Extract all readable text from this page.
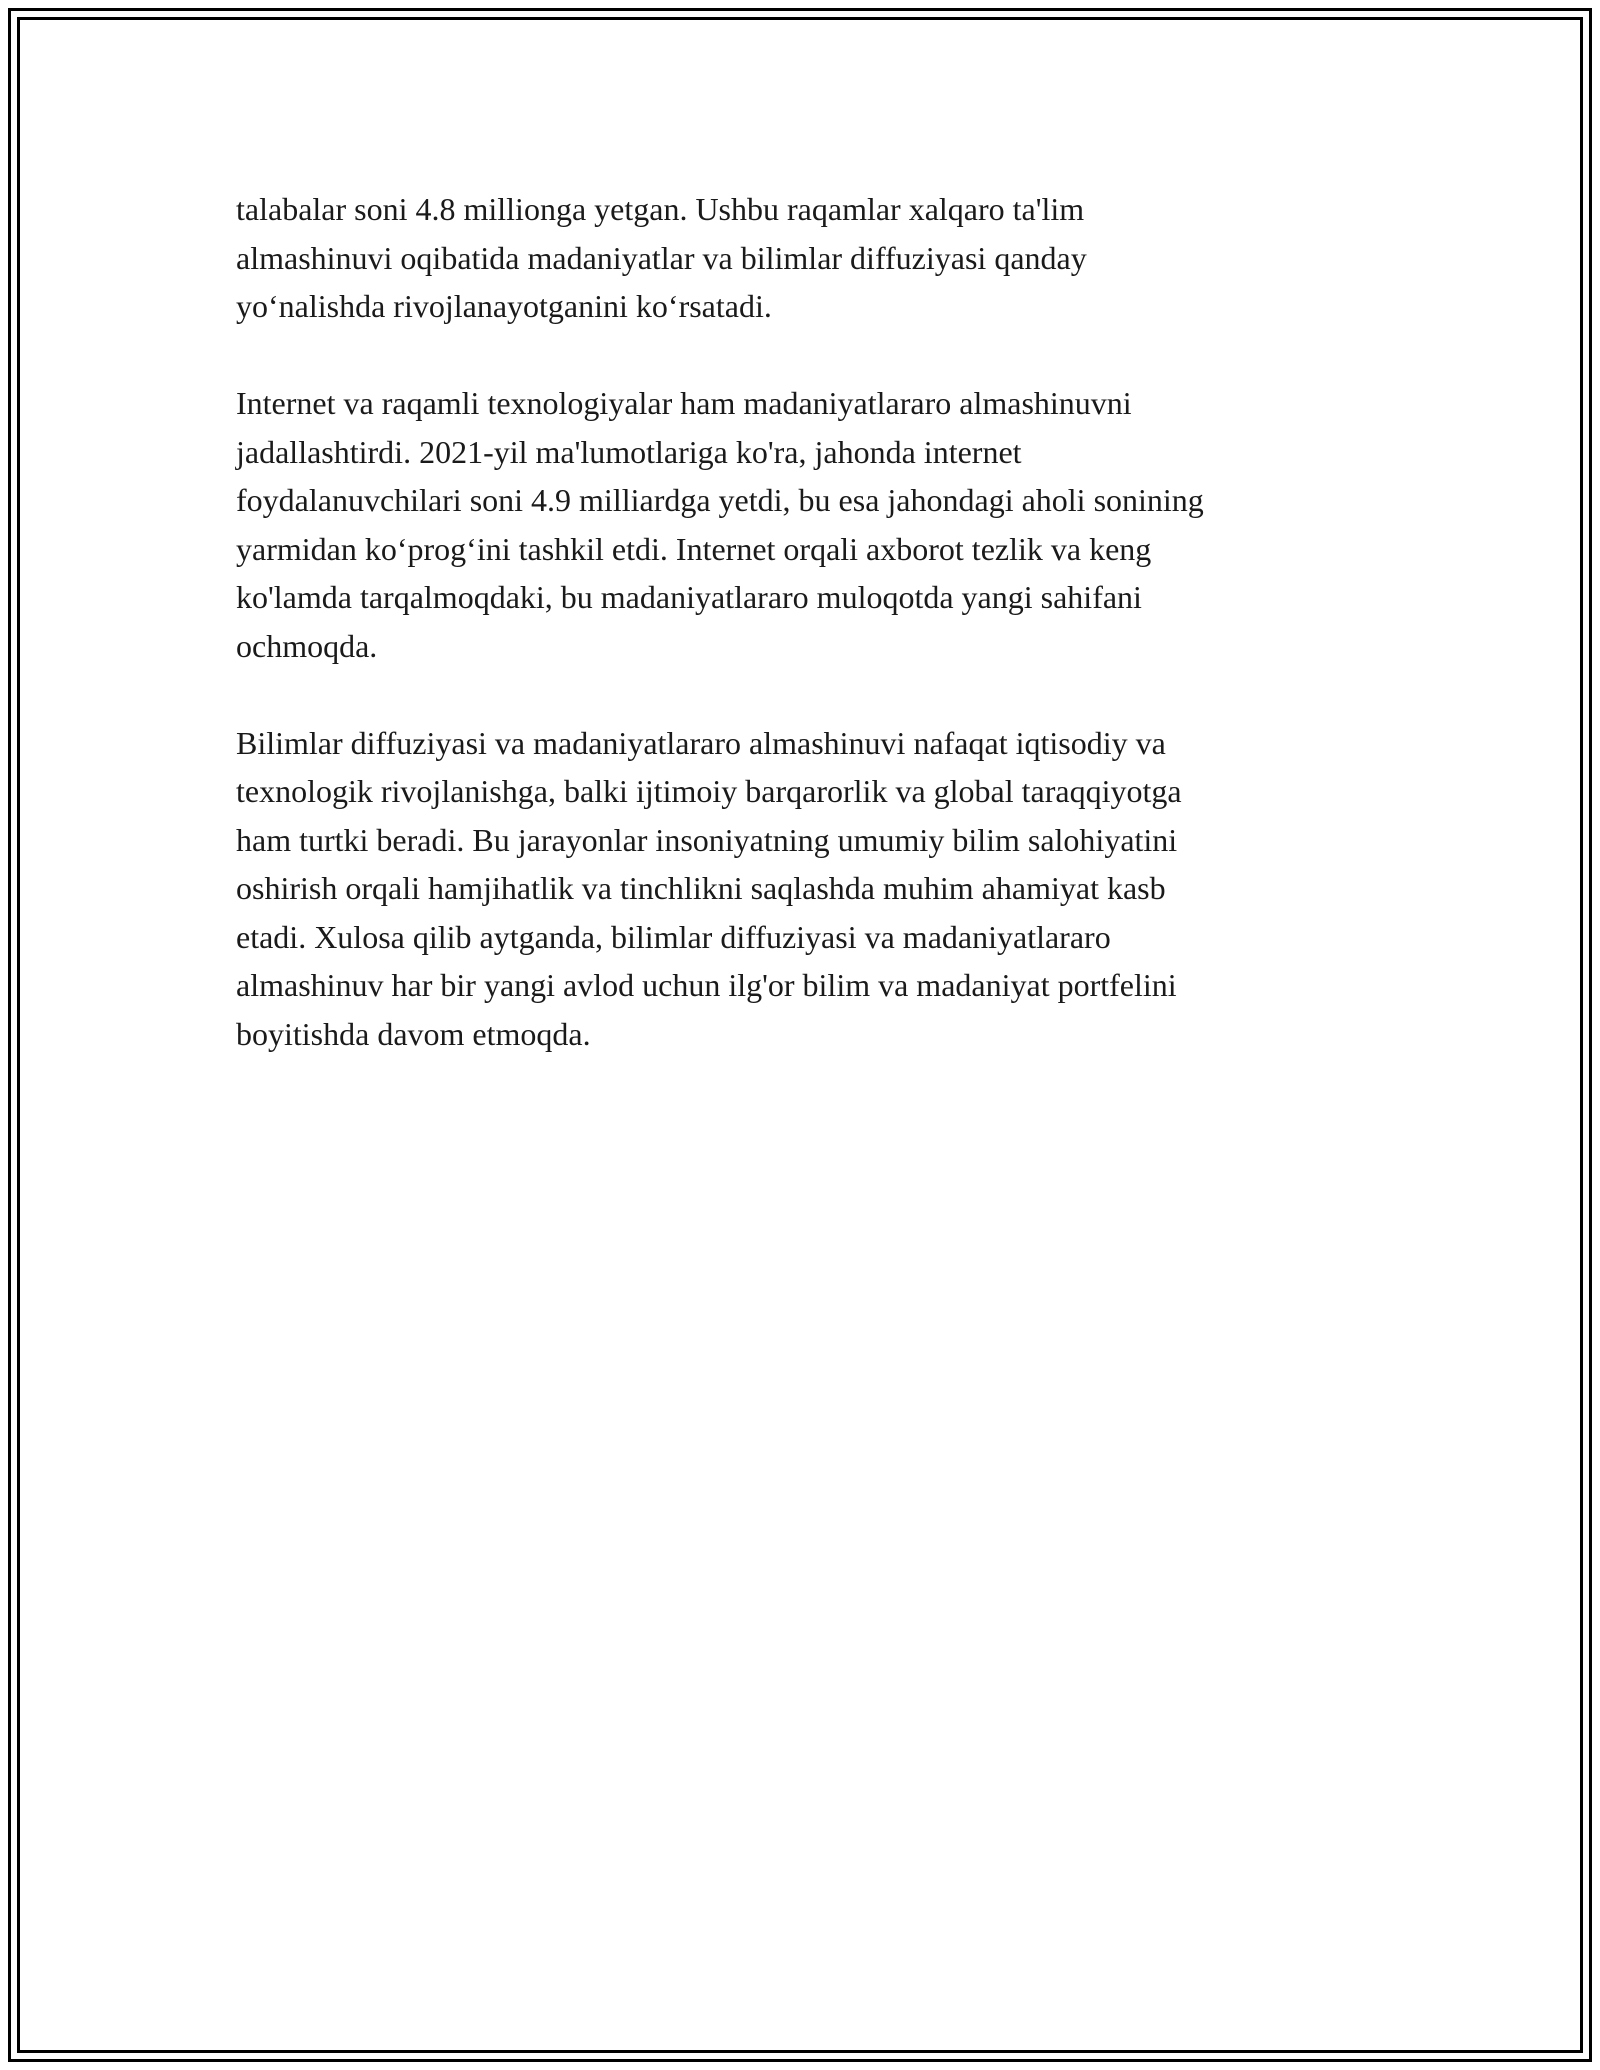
talabalar soni 4.8 millionga yetgan. Ushbu raqamlar xalqaro ta'lim
almashinuvi oqibatida madaniyatlar va bilimlar diffuziyasi qanday
yo‘nalishda rivojlanayotganini ko‘rsatadi.

Internet va raqamli texnologiyalar ham madaniyatlararo almashinuvni
jadallashtirdi. 2021-yil ma'lumotlariga ko'ra, jahonda internet
foydalanuvchilari soni 4.9 milliardga yetdi, bu esa jahondagi aholi sonining
yarmidan ko‘prog‘ini tashkil etdi. Internet orqali axborot tezlik va keng
ko'lamda tarqalmoqdaki, bu madaniyatlararo muloqotda yangi sahifani
ochmoqda.

Bilimlar diffuziyasi va madaniyatlararo almashinuvi nafaqat iqtisodiy va
texnologik rivojlanishga, balki ijtimoiy barqarorlik va global taraqqiyotga
ham turtki beradi. Bu jarayonlar insoniyatning umumiy bilim salohiyatini
oshirish orqali hamjihatlik va tinchlikni saqlashda muhim ahamiyat kasb
etadi. Xulosa qilib aytganda, bilimlar diffuziyasi va madaniyatlararo
almashinuv har bir yangi avlod uchun ilg'or bilim va madaniyat portfelini
boyitishda davom etmoqda.
